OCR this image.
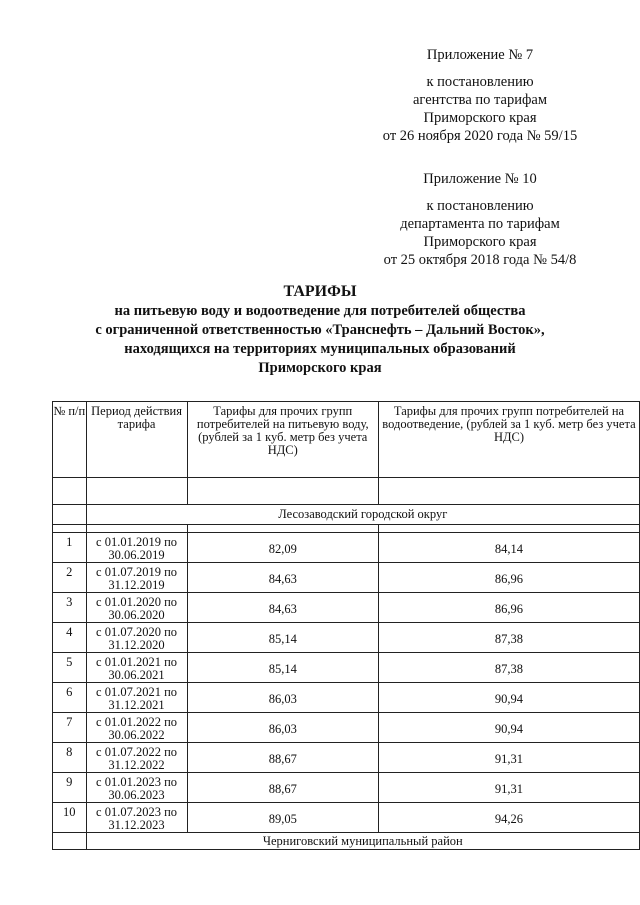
Приложение № 7
к постановлению
агентства по тарифам
Приморского края
от 26 ноября 2020 года № 59/15
Приложение № 10
к постановлению
департамента по тарифам
Приморского края
от 25 октября 2018 года № 54/8
ТАРИФЫ
на питьевую воду и водоотведение для потребителей общества
с ограниченной ответственностью «Транснефть – Дальний Восток»,
находящихся на территориях муниципальных образований
Приморского края
№ п/п	Период действия тарифа	Тарифы для прочих групп потребителей на питьевую воду, (рублей за 1 куб. метр без учета НДС)	Тарифы для прочих групп потребителей на водоотведение, (рублей за 1 куб. метр без учета НДС)

	Лесозаводский городской округ		

1	с 01.01.2019 по 30.06.2019	82,09	84,14
2	с 01.07.2019 по 31.12.2019	84,63	86,96
3	с 01.01.2020 по 30.06.2020	84,63	86,96
4	с 01.07.2020 по 31.12.2020	85,14	87,38
5	с 01.01.2021 по 30.06.2021	85,14	87,38
6	с 01.07.2021 по 31.12.2021	86,03	90,94
7	с 01.01.2022 по 30.06.2022	86,03	90,94
8	с 01.07.2022 по 31.12.2022	88,67	91,31
9	с 01.01.2023 по 30.06.2023	88,67	91,31
10	с 01.07.2023 по 31.12.2023	89,05	94,26
	Черниговский муниципальный район		
